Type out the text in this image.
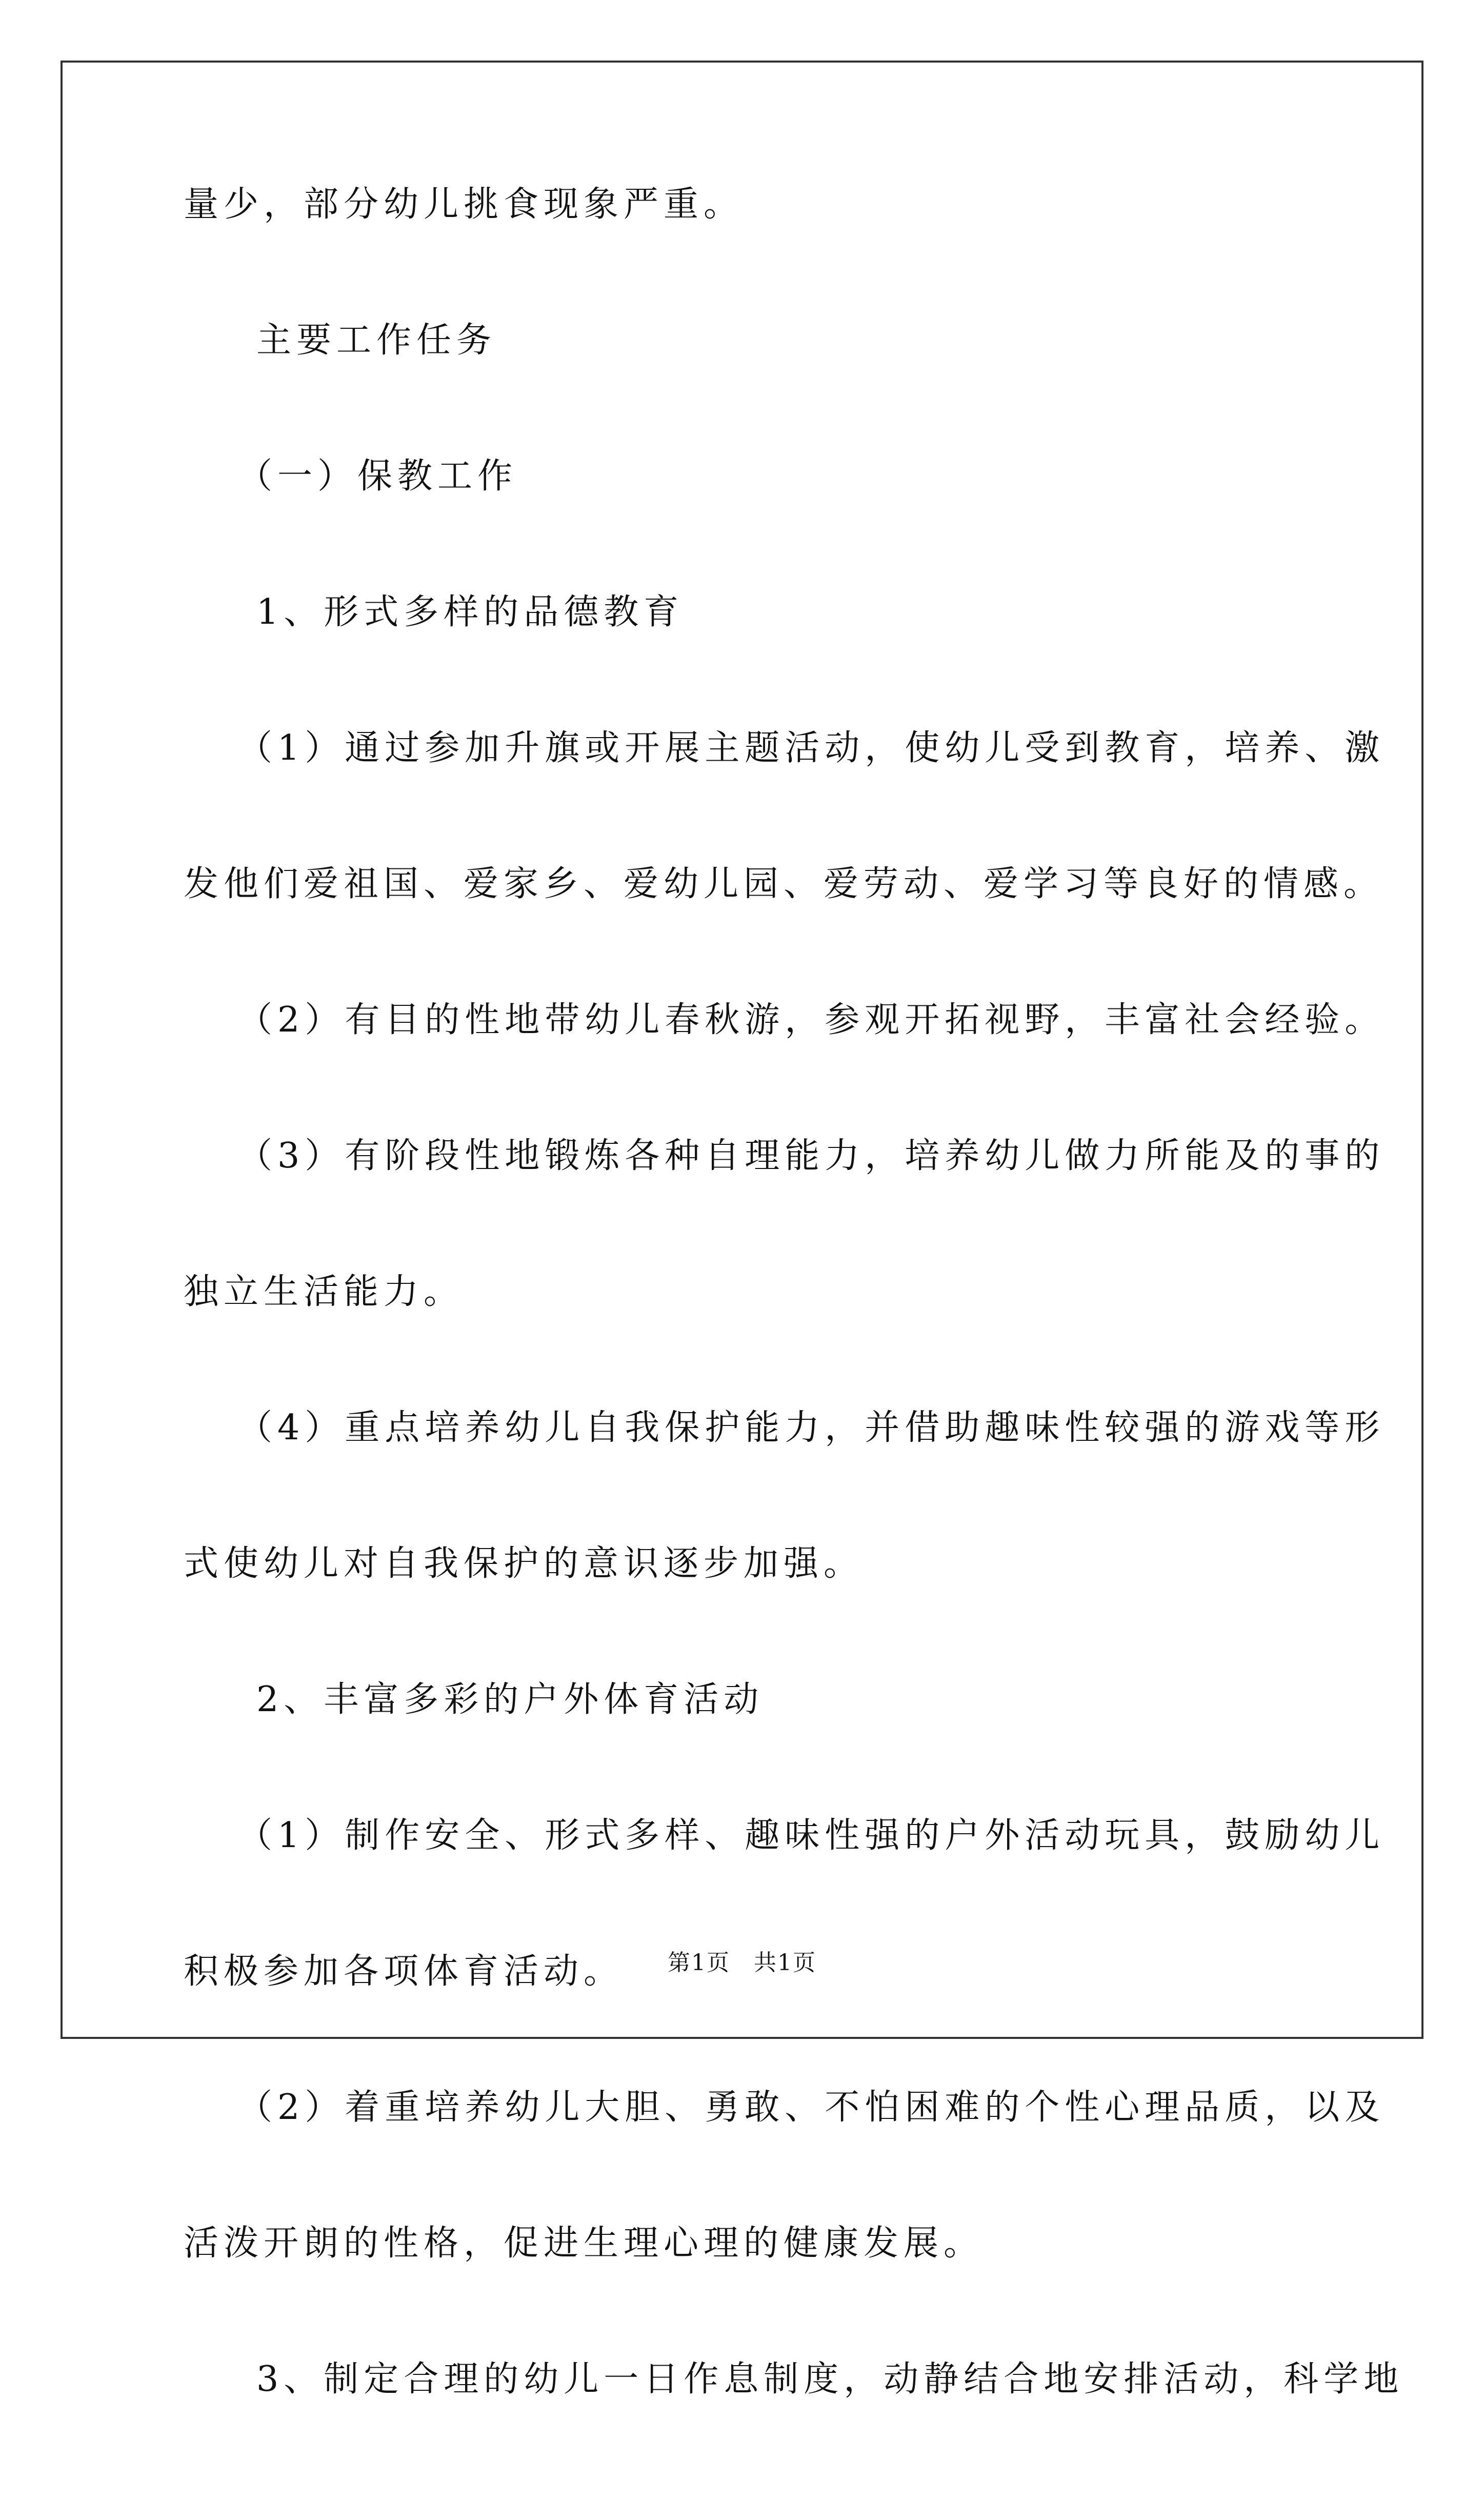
量少，部分幼儿挑食现象严重。
主要工作任务
（一）保教工作
1、形式多样的品德教育
（1）通过参加升旗或开展主题活动，使幼儿受到教育，培养、激
发他们爱祖国、爱家乡、爱幼儿园、爱劳动、爱学习等良好的情感。
（2）有目的性地带幼儿春秋游，参观开拓视野，丰富社会经验。
（3）有阶段性地锻炼各种自理能力，培养幼儿做力所能及的事的
独立生活能力。
（4）重点培养幼儿自我保护能力，并借助趣味性较强的游戏等形
式使幼儿对自我保护的意识逐步加强。
2、丰富多彩的户外体育活动
（1）制作安全、形式多样、趣味性强的户外活动玩具，鼓励幼儿
积极参加各项体育活动。
（2）着重培养幼儿大胆、勇敢、不怕困难的个性心理品质，以及
活泼开朗的性格，促进生理心理的健康发展。
3、制定合理的幼儿一日作息制度，动静结合地安排活动，科学地
第1页　共1页
